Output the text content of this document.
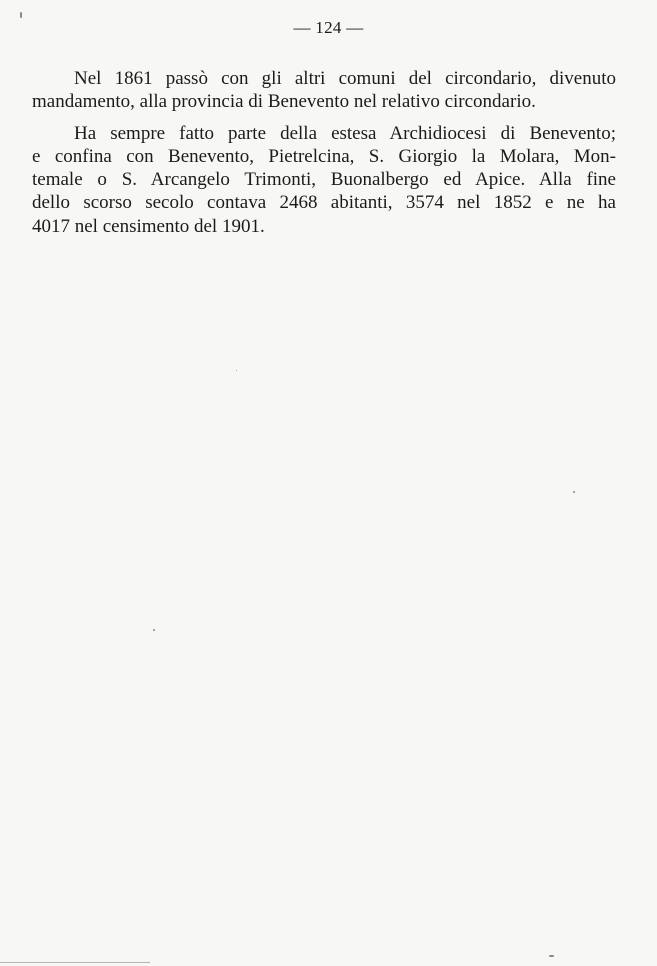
— 124 —
Nel 1861 passò con gli altri comuni del circondario, divenuto
mandamento, alla provincia di Benevento nel relativo circondario.
Ha sempre fatto parte della estesa Archidiocesi di Benevento;
e confina con Benevento, Pietrelcina, S. Giorgio la Molara, Mon-
temale o S. Arcangelo Trimonti, Buonalbergo ed Apice. Alla fine
dello scorso secolo contava 2468 abitanti, 3574 nel 1852 e ne ha
4017 nel censimento del 1901.
